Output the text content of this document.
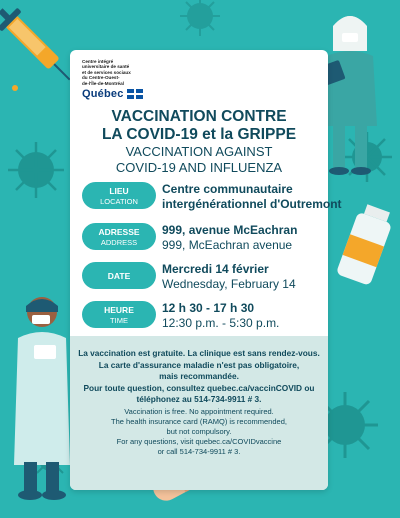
Centre intégré
universitaire de santé
et de services sociaux
du Centre-Ouest-
de-l'Île-de-Montréal
Québec
VACCINATION CONTRE
LA COVID-19 et la GRIPPE
VACCINATION AGAINST
COVID-19 AND INFLUENZA
LIEU
LOCATION
Centre communautaire
intergénérationnel d'Outremont
ADRESSE
ADDRESS
999, avenue McEachran
999, McEachran avenue
DATE	Mercredi 14 février
Wednesday, February 14
HEURE
TIME
12 h 30 - 17 h 30
12:30 p.m. - 5:30 p.m.
La vaccination est gratuite. La clinique est sans rendez-vous.
La carte d'assurance maladie n'est pas obligatoire,
mais recommandée.
Pour toute question, consultez quebec.ca/vaccinCOVID ou
téléphonez au 514-734-9911 # 3.
Vaccination is free. No appointment required.
The health insurance card (RAMQ) is recommended,
but not compulsory.
For any questions, visit quebec.ca/COVIDvaccine
or call 514-734-9911 # 3.
